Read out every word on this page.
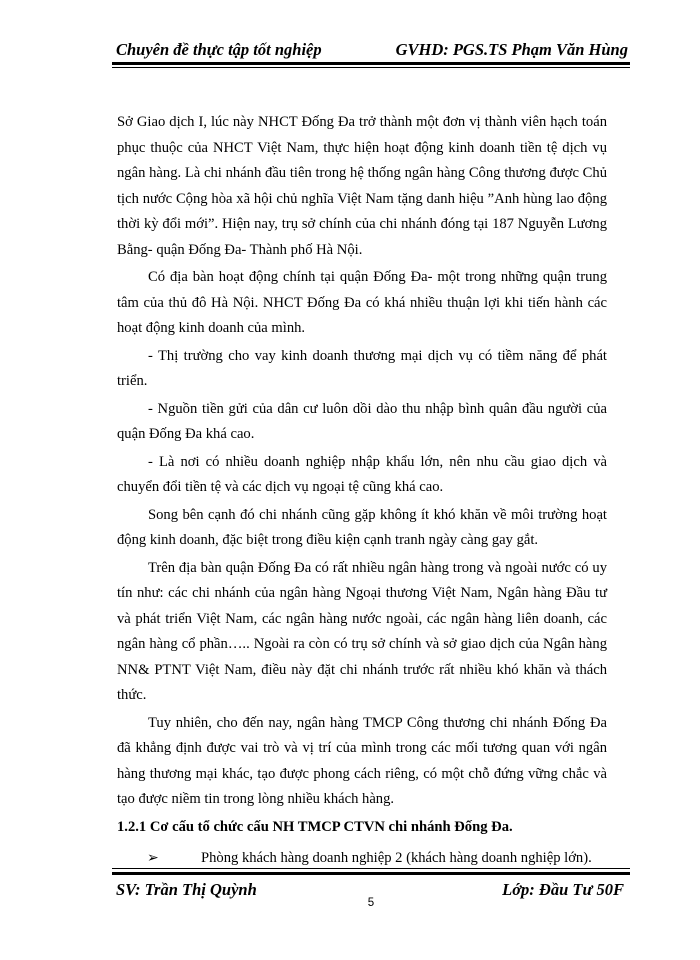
Chuyên đề thực tập tốt nghiệp	GVHD: PGS.TS Phạm Văn Hùng

Sở Giao dịch I, lúc này NHCT Đống Đa trở thành một đơn vị thành viên hạch toán phục thuộc của NHCT Việt Nam, thực hiện hoạt động kinh doanh tiền tệ dịch vụ ngân hàng. Là chi nhánh đầu tiên trong hệ thống ngân hàng Công thương được Chủ tịch nước Cộng hòa xã hội chủ nghĩa Việt Nam tặng danh hiệu ”Anh hùng lao động thời kỳ đổi mới”. Hiện nay, trụ sở chính của chi nhánh đóng tại 187 Nguyễn Lương Bằng- quận Đống Đa- Thành phố Hà Nội.

Có địa bàn hoạt động chính tại quận Đống Đa- một trong những quận trung tâm của thủ đô Hà Nội. NHCT Đống Đa có khá nhiều thuận lợi khi tiến hành các hoạt động kinh doanh của mình.

- Thị trường cho vay kinh doanh thương mại dịch vụ có tiềm năng để phát triển.

- Nguồn tiền gửi của dân cư luôn dồi dào thu nhập bình quân đầu người của quận Đống Đa khá cao.

- Là nơi có nhiều doanh nghiệp nhập khẩu lớn, nên nhu cầu giao dịch và chuyển đổi tiền tệ và các dịch vụ ngoại tệ cũng khá cao.

Song bên cạnh đó chi nhánh cũng gặp không ít khó khăn về môi trường hoạt động kinh doanh, đặc biệt trong điều kiện cạnh tranh ngày càng gay gắt.

Trên địa bàn quận Đống Đa có rất nhiều ngân hàng trong và ngoài nước có uy tín như: các chi nhánh của ngân hàng Ngoại thương Việt Nam, Ngân hàng Đầu tư và phát triển Việt Nam, các ngân hàng nước ngoài, các ngân hàng liên doanh, các ngân hàng cổ phần….. Ngoài ra còn có trụ sở chính và sở giao dịch của Ngân hàng NN& PTNT Việt Nam, điều này đặt chi nhánh trước rất nhiều khó khăn và thách thức.

Tuy nhiên, cho đến nay, ngân hàng TMCP Công thương chi nhánh Đống Đa đã khẳng định được vai trò và vị trí của mình trong các mối tương quan với ngân hàng thương mại khác, tạo được phong cách riêng, có một chỗ đứng vững chắc và tạo được niềm tin trong lòng nhiều khách hàng.

1.2.1 Cơ cấu tổ chức cấu NH TMCP CTVN chi nhánh Đống Đa.
➢	Phòng khách hàng doanh nghiệp 2 (khách hàng doanh nghiệp lớn).
SV: Trần Thị Quỳnh	Lớp: Đầu Tư 50F
5
